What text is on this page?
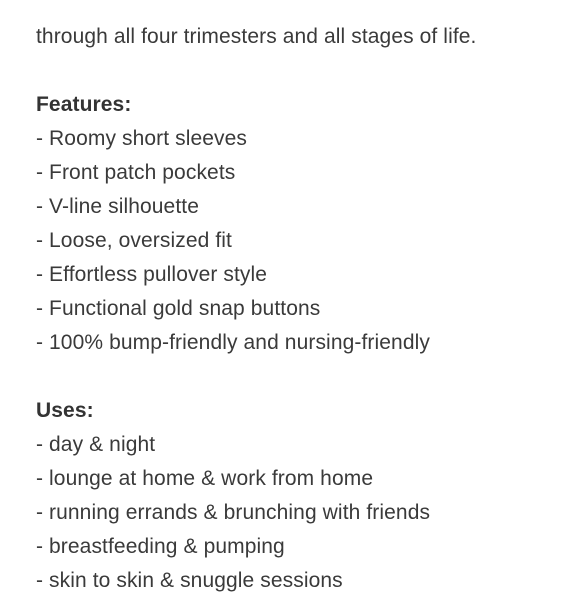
through all four trimesters and all stages of life.
Features:
- Roomy short sleeves
- Front patch pockets
- V-line silhouette
- Loose, oversized fit
- Effortless pullover style
- Functional gold snap buttons
- 100% bump-friendly and nursing-friendly
Uses:
- day & night
- lounge at home & work from home
- running errands & brunching with friends
- breastfeeding & pumping
- skin to skin & snuggle sessions
